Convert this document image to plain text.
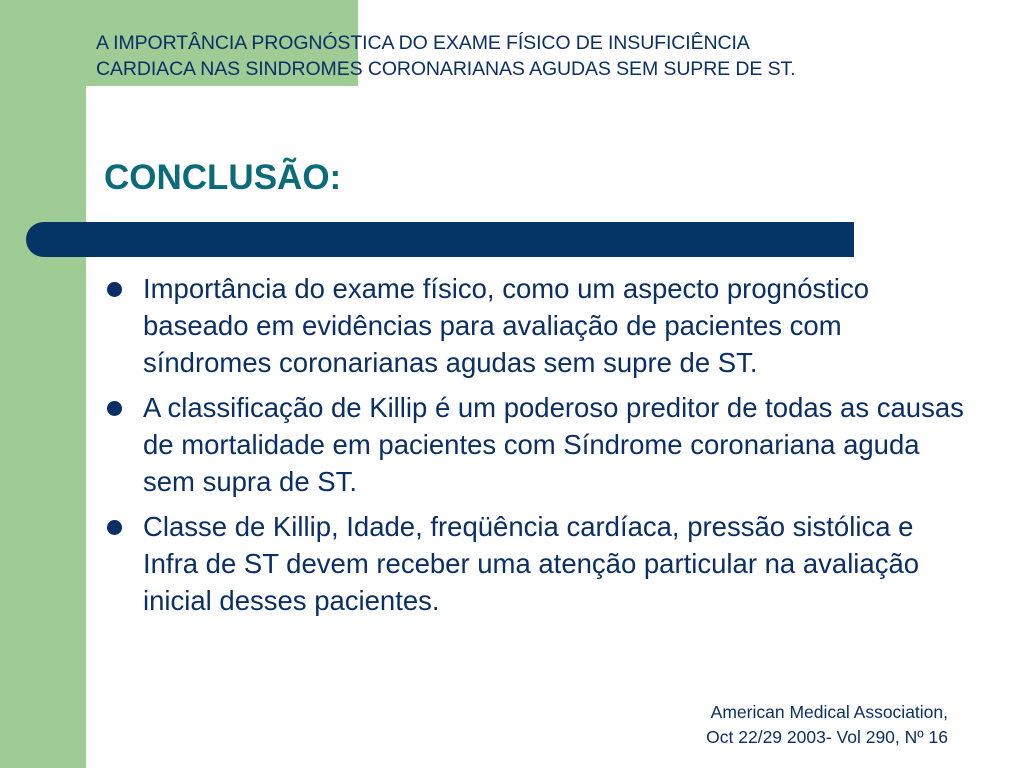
A IMPORTÂNCIA PROGNÓSTICA DO EXAME FÍSICO DE INSUFICIÊNCIA
CARDIACA NAS SINDROMES CORONARIANAS AGUDAS SEM SUPRE DE ST.
CONCLUSÃO:
Importância do exame físico, como um aspecto prognóstico baseado em evidências para avaliação de pacientes com síndromes coronarianas agudas sem supre de ST.
A classificação de Killip é um poderoso preditor de todas as causas de mortalidade em pacientes com Síndrome coronariana aguda sem supra de ST.
Classe de Killip, Idade, freqüência cardíaca, pressão sistólica e Infra de ST devem receber uma atenção particular na avaliação inicial desses pacientes.
American Medical Association,
Oct 22/29 2003- Vol 290, Nº 16
